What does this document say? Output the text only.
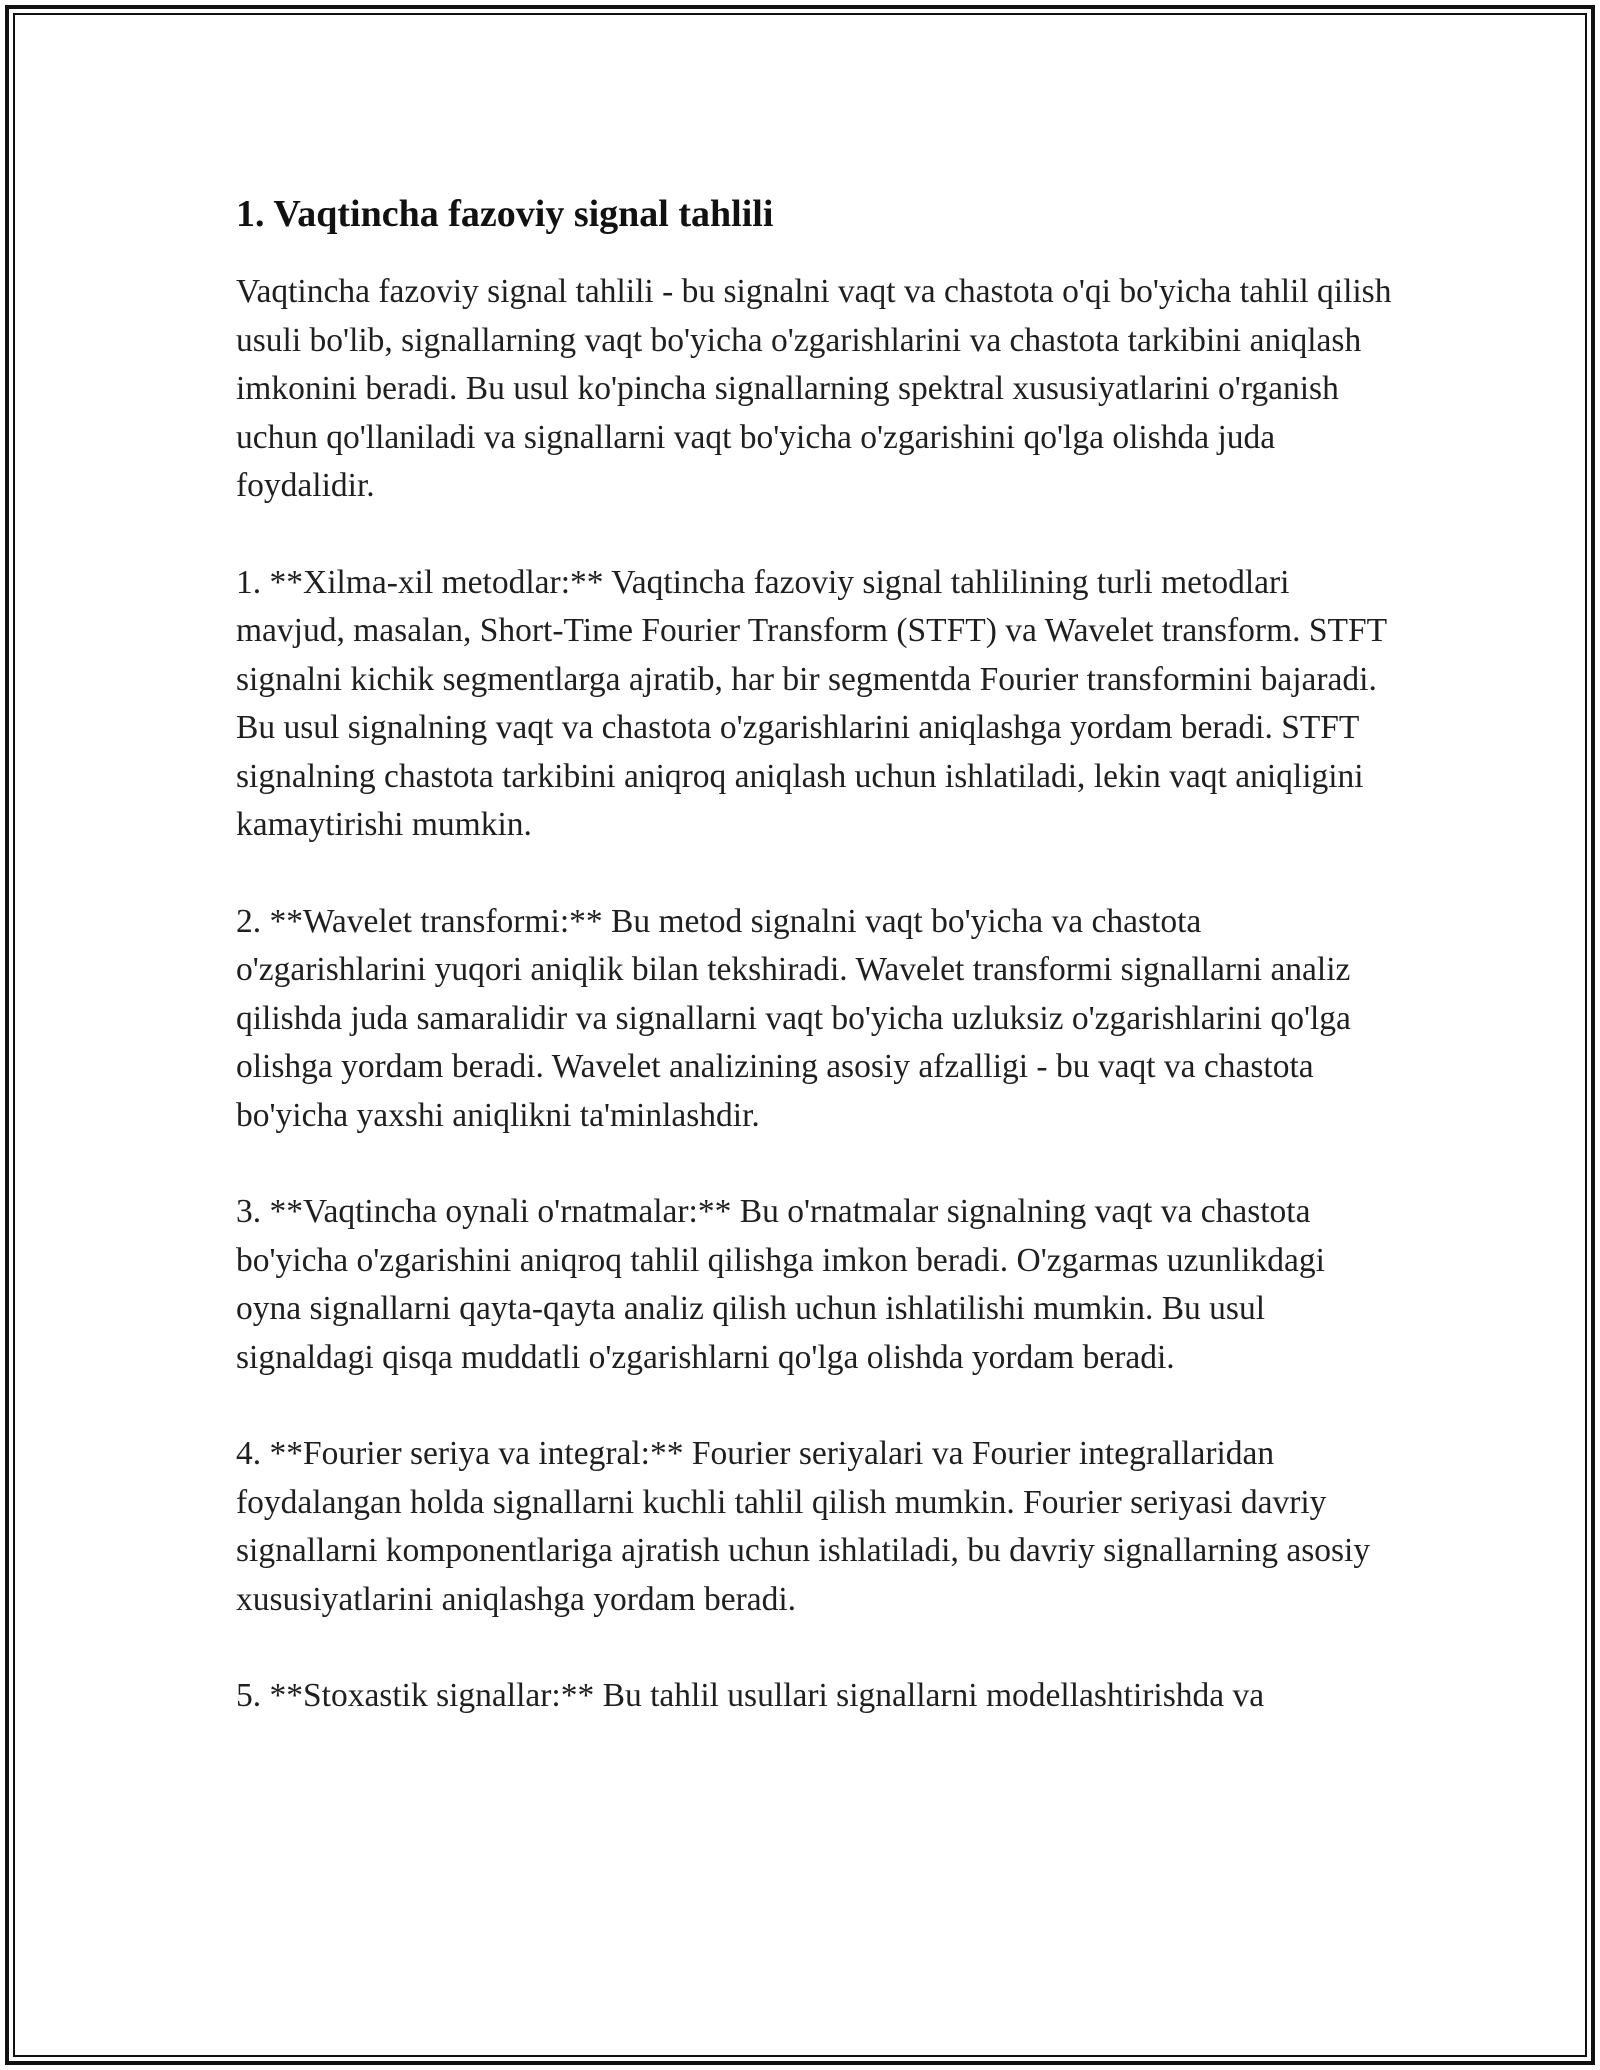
1. Vaqtincha fazoviy signal tahlili

Vaqtincha fazoviy signal tahlili - bu signalni vaqt va chastota o'qi bo'yicha tahlil qilish usuli bo'lib, signallarning vaqt bo'yicha o'zgarishlarini va chastota tarkibini aniqlash imkonini beradi. Bu usul ko'pincha signallarning spektral xususiyatlarini o'rganish uchun qo'llaniladi va signallarni vaqt bo'yicha o'zgarishini qo'lga olishda juda foydalidir.

1. **Xilma-xil metodlar:** Vaqtincha fazoviy signal tahlilining turli metodlari mavjud, masalan, Short-Time Fourier Transform (STFT) va Wavelet transform. STFT signalni kichik segmentlarga ajratib, har bir segmentda Fourier transformini bajaradi. Bu usul signalning vaqt va chastota o'zgarishlarini aniqlashga yordam beradi. STFT signalning chastota tarkibini aniqroq aniqlash uchun ishlatiladi, lekin vaqt aniqligini kamaytirishi mumkin.

2. **Wavelet transformi:** Bu metod signalni vaqt bo'yicha va chastota o'zgarishlarini yuqori aniqlik bilan tekshiradi. Wavelet transformi signallarni analiz qilishda juda samaralidir va signallarni vaqt bo'yicha uzluksiz o'zgarishlarini qo'lga olishga yordam beradi. Wavelet analizining asosiy afzalligi - bu vaqt va chastota bo'yicha yaxshi aniqlikni ta'minlashdir.

3. **Vaqtincha oynali o'rnatmalar:** Bu o'rnatmalar signalning vaqt va chastota bo'yicha o'zgarishini aniqroq tahlil qilishga imkon beradi. O'zgarmas uzunlikdagi oyna signallarni qayta-qayta analiz qilish uchun ishlatilishi mumkin. Bu usul signaldagi qisqa muddatli o'zgarishlarni qo'lga olishda yordam beradi.

4. **Fourier seriya va integral:** Fourier seriyalari va Fourier integrallaridan foydalangan holda signallarni kuchli tahlil qilish mumkin. Fourier seriyasi davriy signallarni komponentlariga ajratish uchun ishlatiladi, bu davriy signallarning asosiy xususiyatlarini aniqlashga yordam beradi.

5. **Stoxastik signallar:** Bu tahlil usullari signallarni modellashtirishda va
